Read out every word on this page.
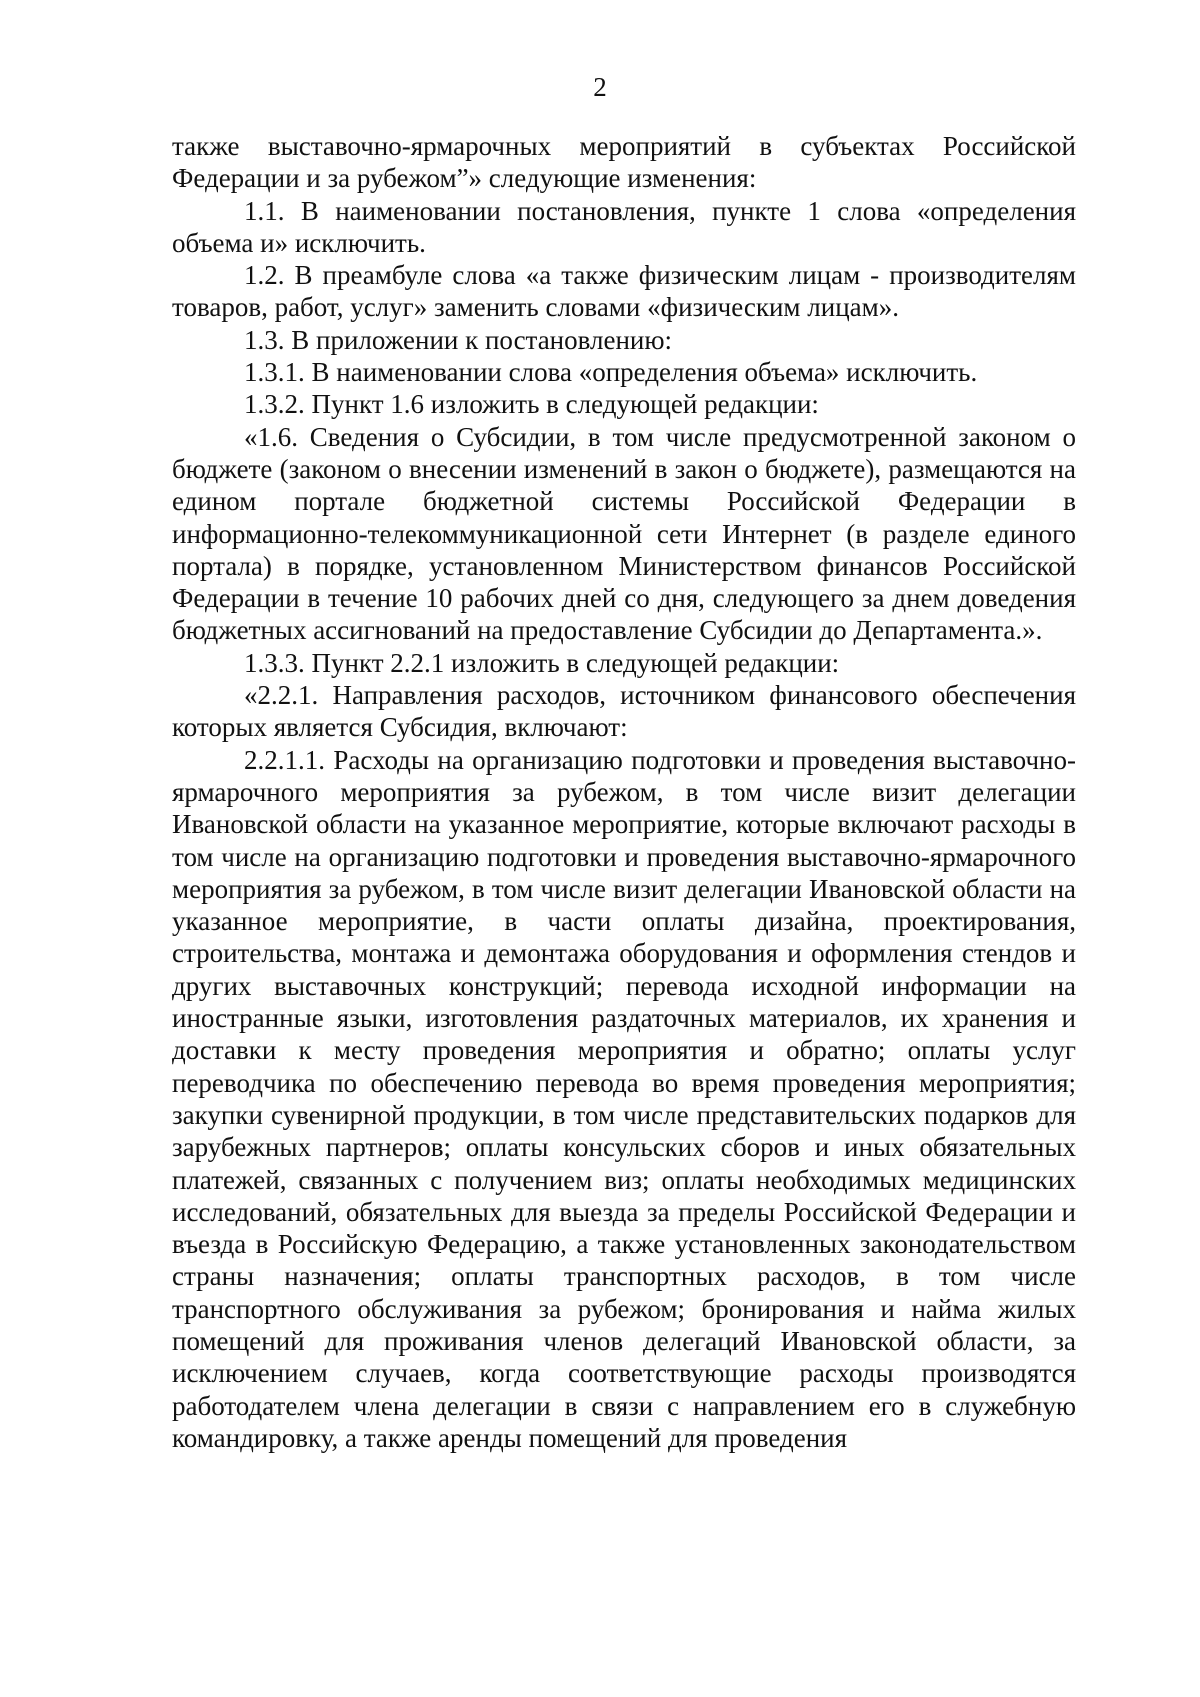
2

также выставочно-ярмарочных мероприятий в субъектах Российской Федерации и за рубежом”» следующие изменения:

1.1. В наименовании постановления, пункте 1 слова «определения объема и» исключить.

1.2. В преамбуле слова «а также физическим лицам - производителям товаров, работ, услуг» заменить словами «физическим лицам».

1.3. В приложении к постановлению:

1.3.1. В наименовании слова «определения объема» исключить.

1.3.2. Пункт 1.6 изложить в следующей редакции:

«1.6. Сведения о Субсидии, в том числе предусмотренной законом о бюджете (законом о внесении изменений в закон о бюджете), размещаются на едином портале бюджетной системы Российской Федерации в информационно-телекоммуникационной сети Интернет (в разделе единого портала) в порядке, установленном Министерством финансов Российской Федерации в течение 10 рабочих дней со дня, следующего за днем доведения бюджетных ассигнований на предоставление Субсидии до Департамента.».

1.3.3. Пункт 2.2.1 изложить в следующей редакции:

«2.2.1. Направления расходов, источником финансового обеспечения которых является Субсидия, включают:

2.2.1.1. Расходы на организацию подготовки и проведения выставочно-ярмарочного мероприятия за рубежом, в том числе визит делегации Ивановской области на указанное мероприятие, которые включают расходы в том числе на организацию подготовки и проведения выставочно-ярмарочного мероприятия за рубежом, в том числе визит делегации Ивановской области на указанное мероприятие, в части оплаты дизайна, проектирования, строительства, монтажа и демонтажа оборудования и оформления стендов и других выставочных конструкций; перевода исходной информации на иностранные языки, изготовления раздаточных материалов, их хранения и доставки к месту проведения мероприятия и обратно; оплаты услуг переводчика по обеспечению перевода во время проведения мероприятия; закупки сувенирной продукции, в том числе представительских подарков для зарубежных партнеров; оплаты консульских сборов и иных обязательных платежей, связанных с получением виз; оплаты необходимых медицинских исследований, обязательных для выезда за пределы Российской Федерации и въезда в Российскую Федерацию, а также установленных законодательством страны назначения; оплаты транспортных расходов, в том числе транспортного обслуживания за рубежом; бронирования и найма жилых помещений для проживания членов делегаций Ивановской области, за исключением случаев, когда соответствующие расходы производятся работодателем члена делегации в связи с направлением его в служебную командировку, а также аренды помещений для проведения
